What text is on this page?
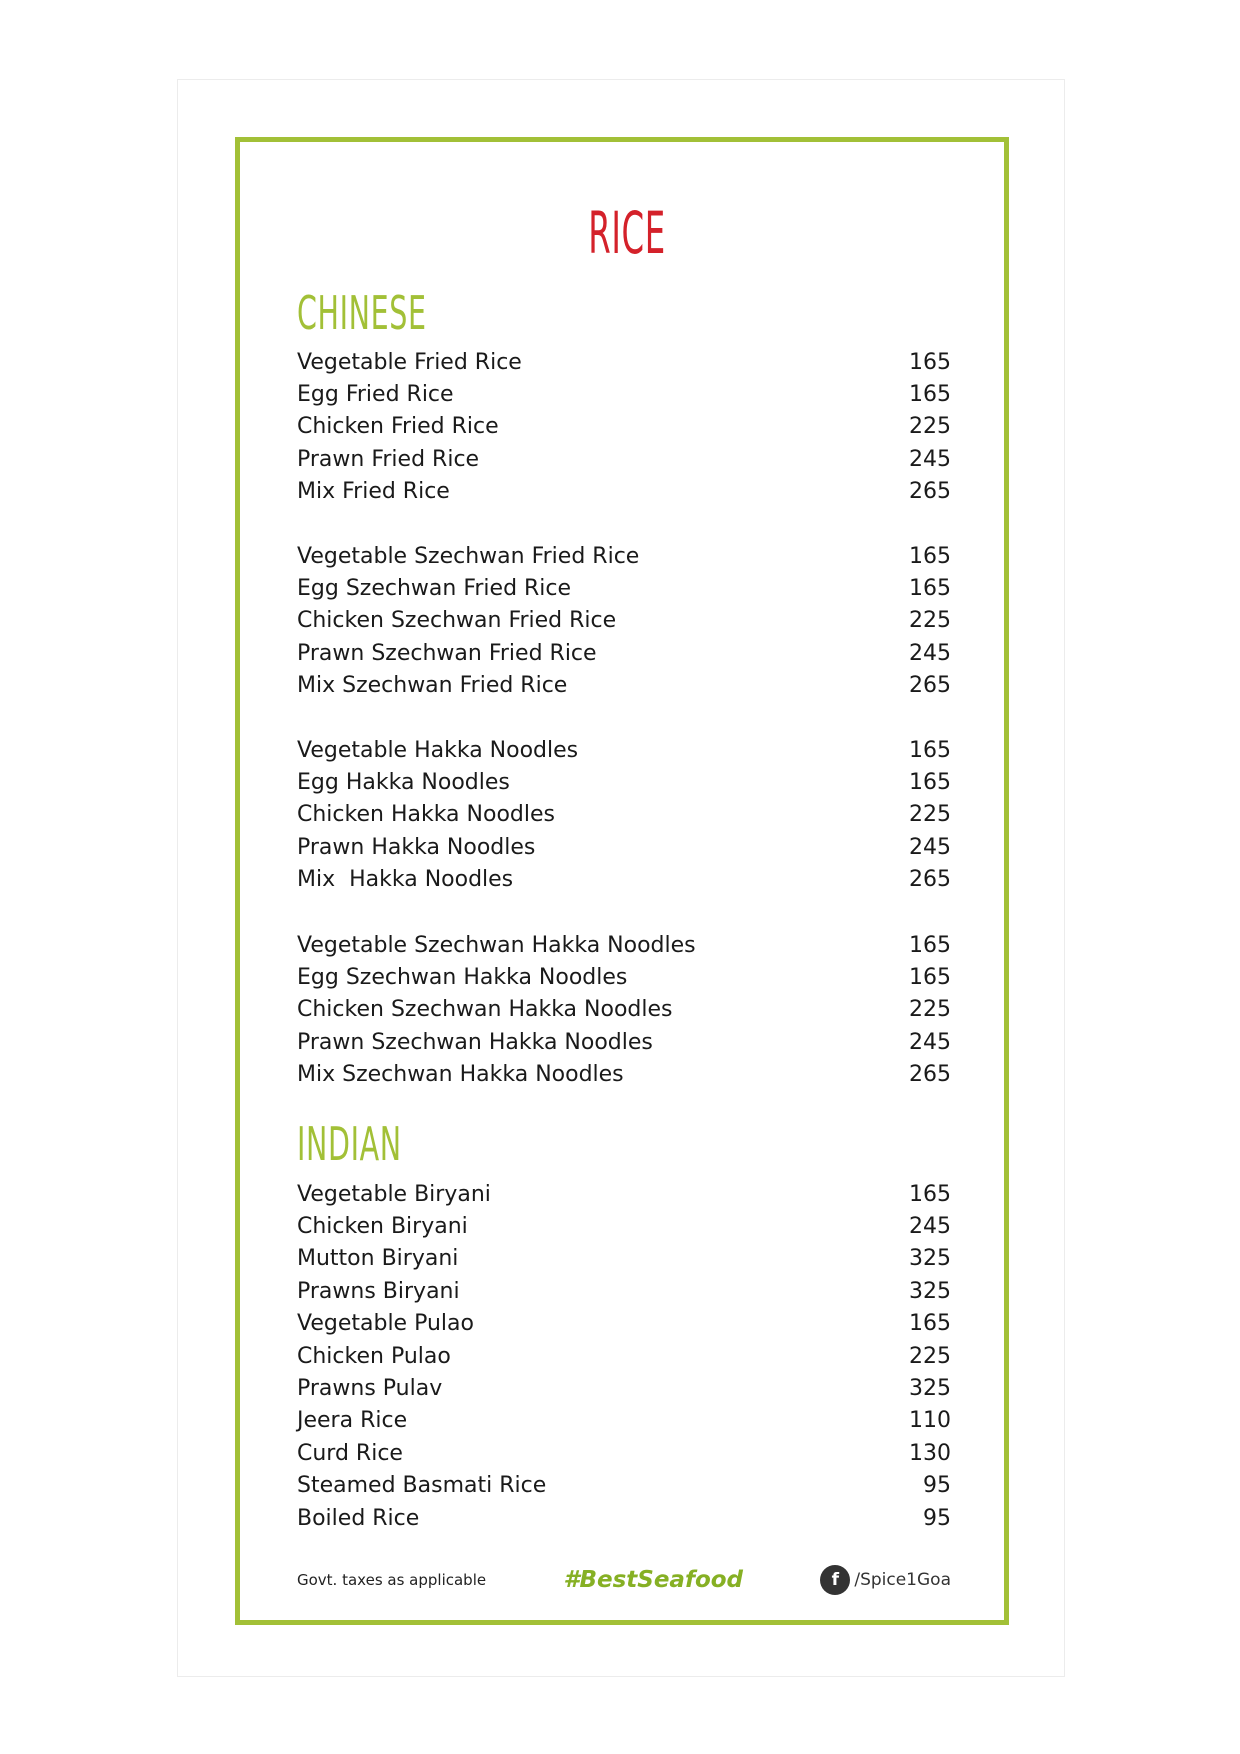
RICE
CHINESE
Vegetable Fried Rice	165
Egg Fried Rice	165
Chicken Fried Rice	225
Prawn Fried Rice	245
Mix Fried Rice	265
Vegetable Szechwan Fried Rice	165
Egg Szechwan Fried Rice	165
Chicken Szechwan Fried Rice	225
Prawn Szechwan Fried Rice	245
Mix Szechwan Fried Rice	265
Vegetable Hakka Noodles	165
Egg Hakka Noodles	165
Chicken Hakka Noodles	225
Prawn Hakka Noodles	245
Mix  Hakka Noodles	265
Vegetable Szechwan Hakka Noodles	165
Egg Szechwan Hakka Noodles	165
Chicken Szechwan Hakka Noodles	225
Prawn Szechwan Hakka Noodles	245
Mix Szechwan Hakka Noodles	265
INDIAN
Vegetable Biryani	165
Chicken Biryani	245
Mutton Biryani	325
Prawns Biryani	325
Vegetable Pulao	165
Chicken Pulao	225
Prawns Pulav	325
Jeera Rice	110
Curd Rice	130
Steamed Basmati Rice	95
Boiled Rice	95
Govt. taxes as applicable	#BestSeafood	f /Spice1Goa
